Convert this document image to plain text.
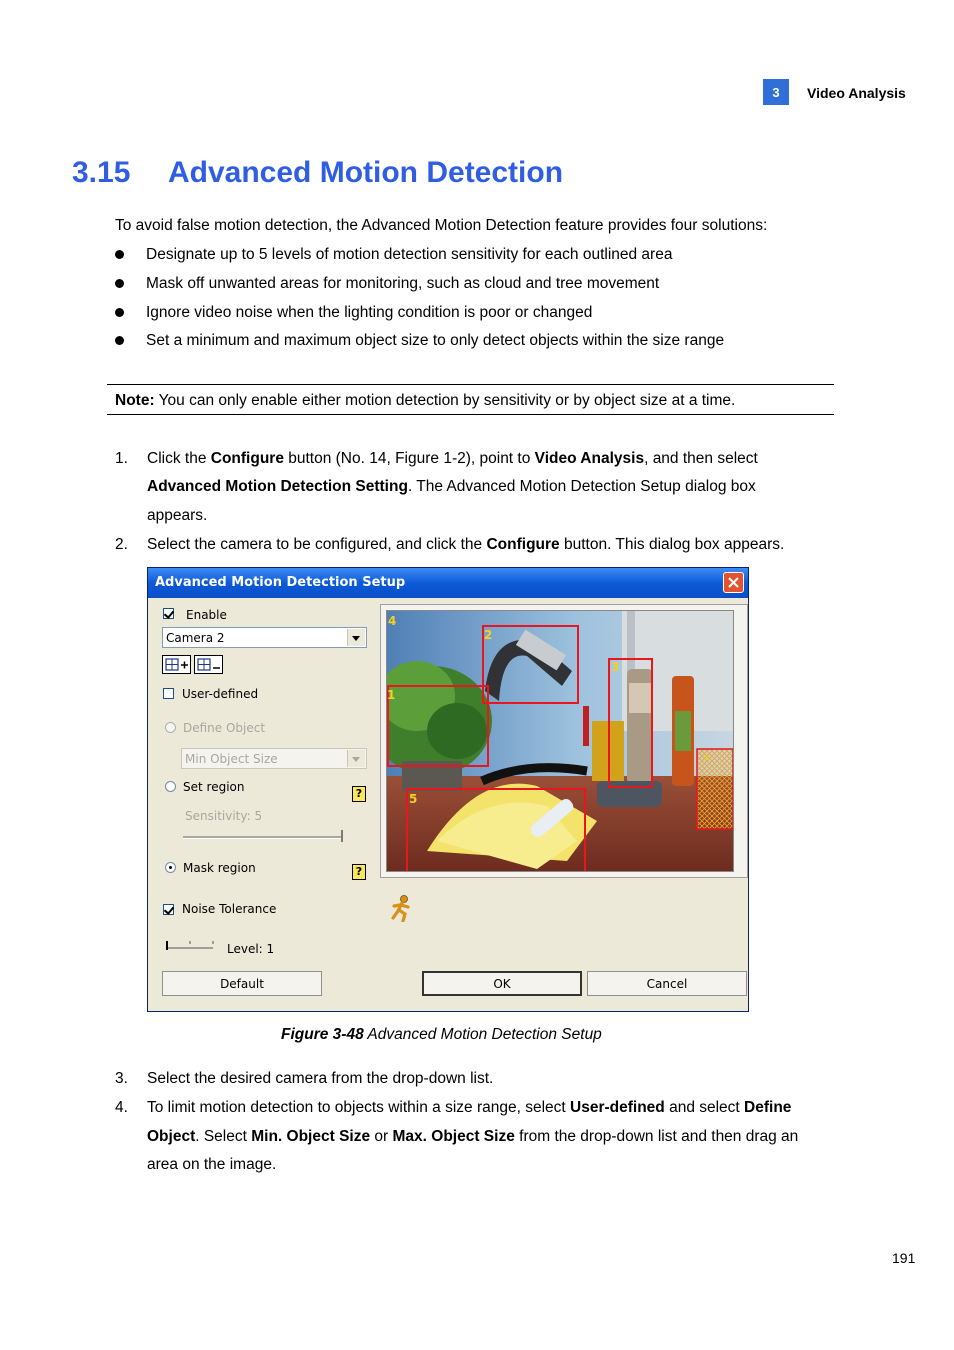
3	Video Analysis
3.15 Advanced Motion Detection
To avoid false motion detection, the Advanced Motion Detection feature provides four solutions:
Designate up to 5 levels of motion detection sensitivity for each outlined area
Mask off unwanted areas for monitoring, such as cloud and tree movement
Ignore video noise when the lighting condition is poor or changed
Set a minimum and maximum object size to only detect objects within the size range
Note: You can only enable either motion detection by sensitivity or by object size at a time.
1.	Click the Configure button (No. 14, Figure 1-2), point to Video Analysis, and then select
Advanced Motion Detection Setting. The Advanced Motion Detection Setup dialog box
appears.
2.	Select the camera to be configured, and click the Configure button. This dialog box appears.
Advanced Motion Detection Setup
Enable
Camera 2
User-defined
Define Object
Min Object Size
Set region	?
Sensitivity: 5
Mask region	?
Noise Tolerance
Level: 1
×
4
2
3
1
5
Default	OK	Cancel
Figure 3-48 Advanced Motion Detection Setup
3.	Select the desired camera from the drop-down list.
4.	To limit motion detection to objects within a size range, select User-defined and select Define
Object. Select Min. Object Size or Max. Object Size from the drop-down list and then drag an
area on the image.
191
